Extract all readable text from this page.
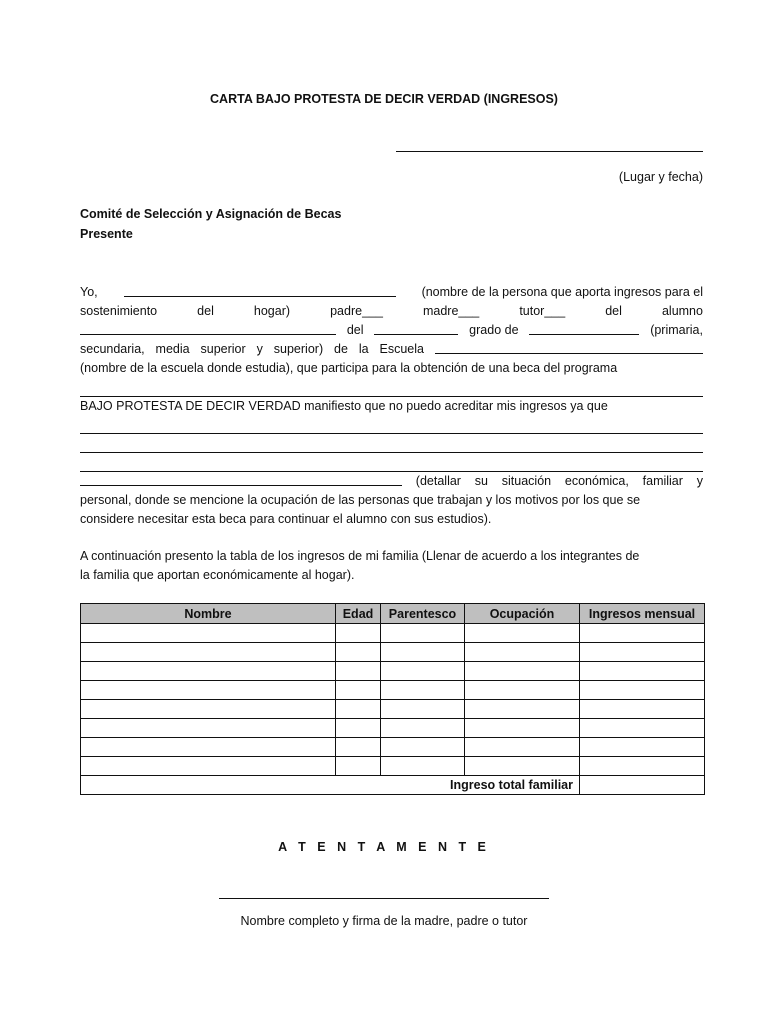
CARTA BAJO PROTESTA DE DECIR VERDAD (INGRESOS)
(Lugar y fecha)
Comité de Selección y Asignación de Becas
Presente
Yo,	(nombre de la persona que aporta ingresos para el
sostenimiento	del	hogar)	padre___	madre___	tutor___	del	alumno
del	grado de	(primaria,
secundaria, media superior y superior) de la Escuela
(nombre de la escuela donde estudia), que participa para la obtención de una beca del programa
BAJO PROTESTA DE DECIR VERDAD manifiesto que no puedo acreditar mis ingresos ya que
(detallar su situación económica, familiar y
personal, donde se mencione la ocupación de las personas que trabajan y los motivos por los que se
considere necesitar esta beca para continuar el alumno con sus estudios).
A continuación presento la tabla de los ingresos de mi familia (Llenar de acuerdo a los integrantes de
la familia que aportan económicamente al hogar).
Nombre	Edad	Parentesco	Ocupación	Ingresos mensual

Ingreso total familiar				
A T E N T A M E N T E
Nombre completo y firma de la madre, padre o tutor
